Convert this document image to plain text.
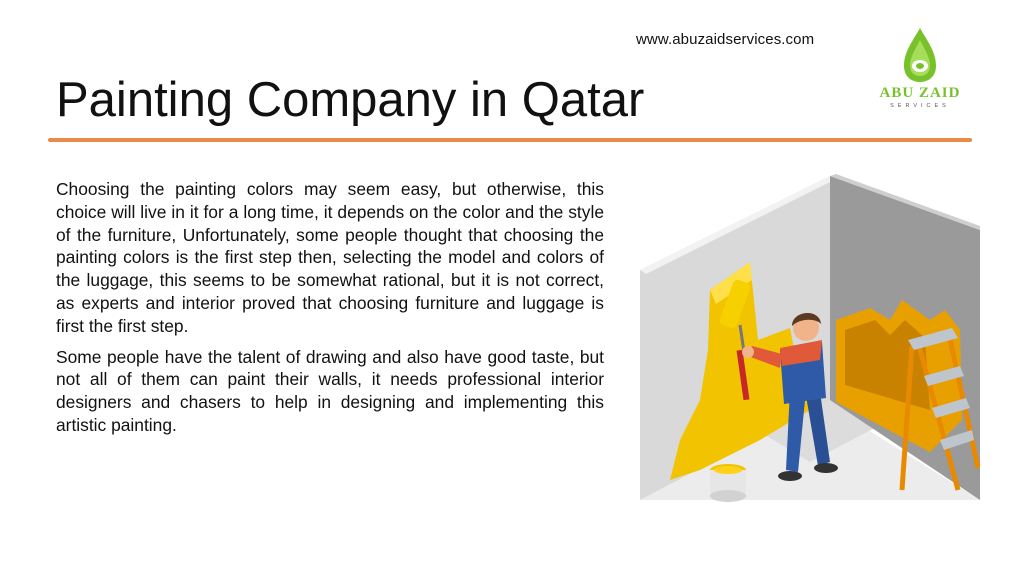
www.abuzaidservices.com
ABU ZAID
SERVICES
Painting Company in Qatar

Choosing the painting colors may seem easy, but otherwise, this choice will live in it for a long time, it depends on the color and the style of the furniture, Unfortunately, some people thought that choosing the painting colors is the first step then, selecting the model and colors of the luggage, this seems to be somewhat rational, but it is not correct, as experts and interior proved that choosing furniture and luggage is first the first step.

Some people have the talent of drawing and also have good taste, but not all of them can paint their walls, it needs professional interior designers and chasers to help in designing and implementing this artistic painting.
